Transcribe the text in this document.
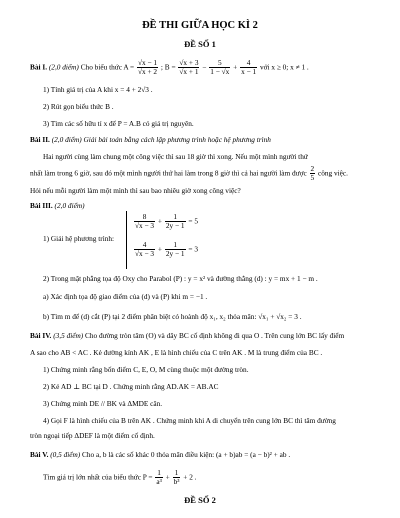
ĐỀ THI GIỮA HỌC KÌ 2
ĐỀ SỐ 1
Bài I. (2,0 điểm) Cho biểu thức $A = \frac{√x - 1}{√x + 2}$ ; $B = \frac{√x + 3}{√x + 1} - \frac{5}{1 - √x} + \frac{4}{x - 1}$ với x ≥ 0; x ≠ 1 .
1) Tính giá trị của A khi x = 4 + 2√3 .
2) Rút gọn biểu thức B .
3) Tìm các số hữu tỉ x để P = A.B có giá trị nguyên.
Bài II. (2,0 điểm) Giải bài toán bằng cách lập phương trình hoặc hệ phương trình
Hai người cùng làm chung một công việc thì sau 18 giờ thì xong. Nếu một mình người thứ
nhất làm trong 6 giờ, sau đó một mình người thứ hai làm trong 8 giờ thì cả hai người làm được $\frac{2}{5}$ công việc.
Hỏi nếu mỗi người làm một mình thì sau bao nhiêu giờ xong công việc?
Bài III. (2,0 điểm)
1) Giải hệ phương trình:
$\frac{8}{√x - 3} + \frac{1}{2y - 1} = 5$
$\frac{4}{√x - 3} + \frac{1}{2y - 1} = 3$
2) Trong mặt phẳng tọa độ Oxy cho Parabol (P) : y = x² và đường thẳng (d) : y = mx + 1 − m .
a) Xác định tọa độ giao điểm của (d) và (P) khi m = −1 .
b) Tìm m để (d) cắt (P) tại 2 điểm phân biệt có hoành độ x₁, x₂ thỏa mãn: √x₁ + √x₂ = 3 .
Bài IV. (3,5 điểm) Cho đường tròn tâm (O) và dây BC cố định không đi qua O . Trên cung lớn BC lấy điểm
A sao cho AB < AC . Kẻ đường kính AK , E là hình chiếu của C trên AK . M là trung điểm của BC .
1) Chứng minh rằng bốn điểm C, E, O, M cùng thuộc một đường tròn.
2) Kẻ AD ⊥ BC tại D . Chứng minh rằng AD.AK = AB.AC
3) Chứng minh DE // BK và ΔMDE cân.
4) Gọi F là hình chiếu của B trên AK . Chứng minh khi A di chuyển trên cung lớn BC thì tâm đường
tròn ngoại tiếp ΔDEF là một điểm cố định.
Bài V. (0,5 điểm) Cho a, b là các số khác 0 thỏa mãn điều kiện: (a + b)ab = (a − b)² + ab .
Tìm giá trị lớn nhất của biểu thức $P = \frac{1}{\text{a³}} + \frac{1}{\text{b³}} + 2$ .
ĐỀ SỐ 2
